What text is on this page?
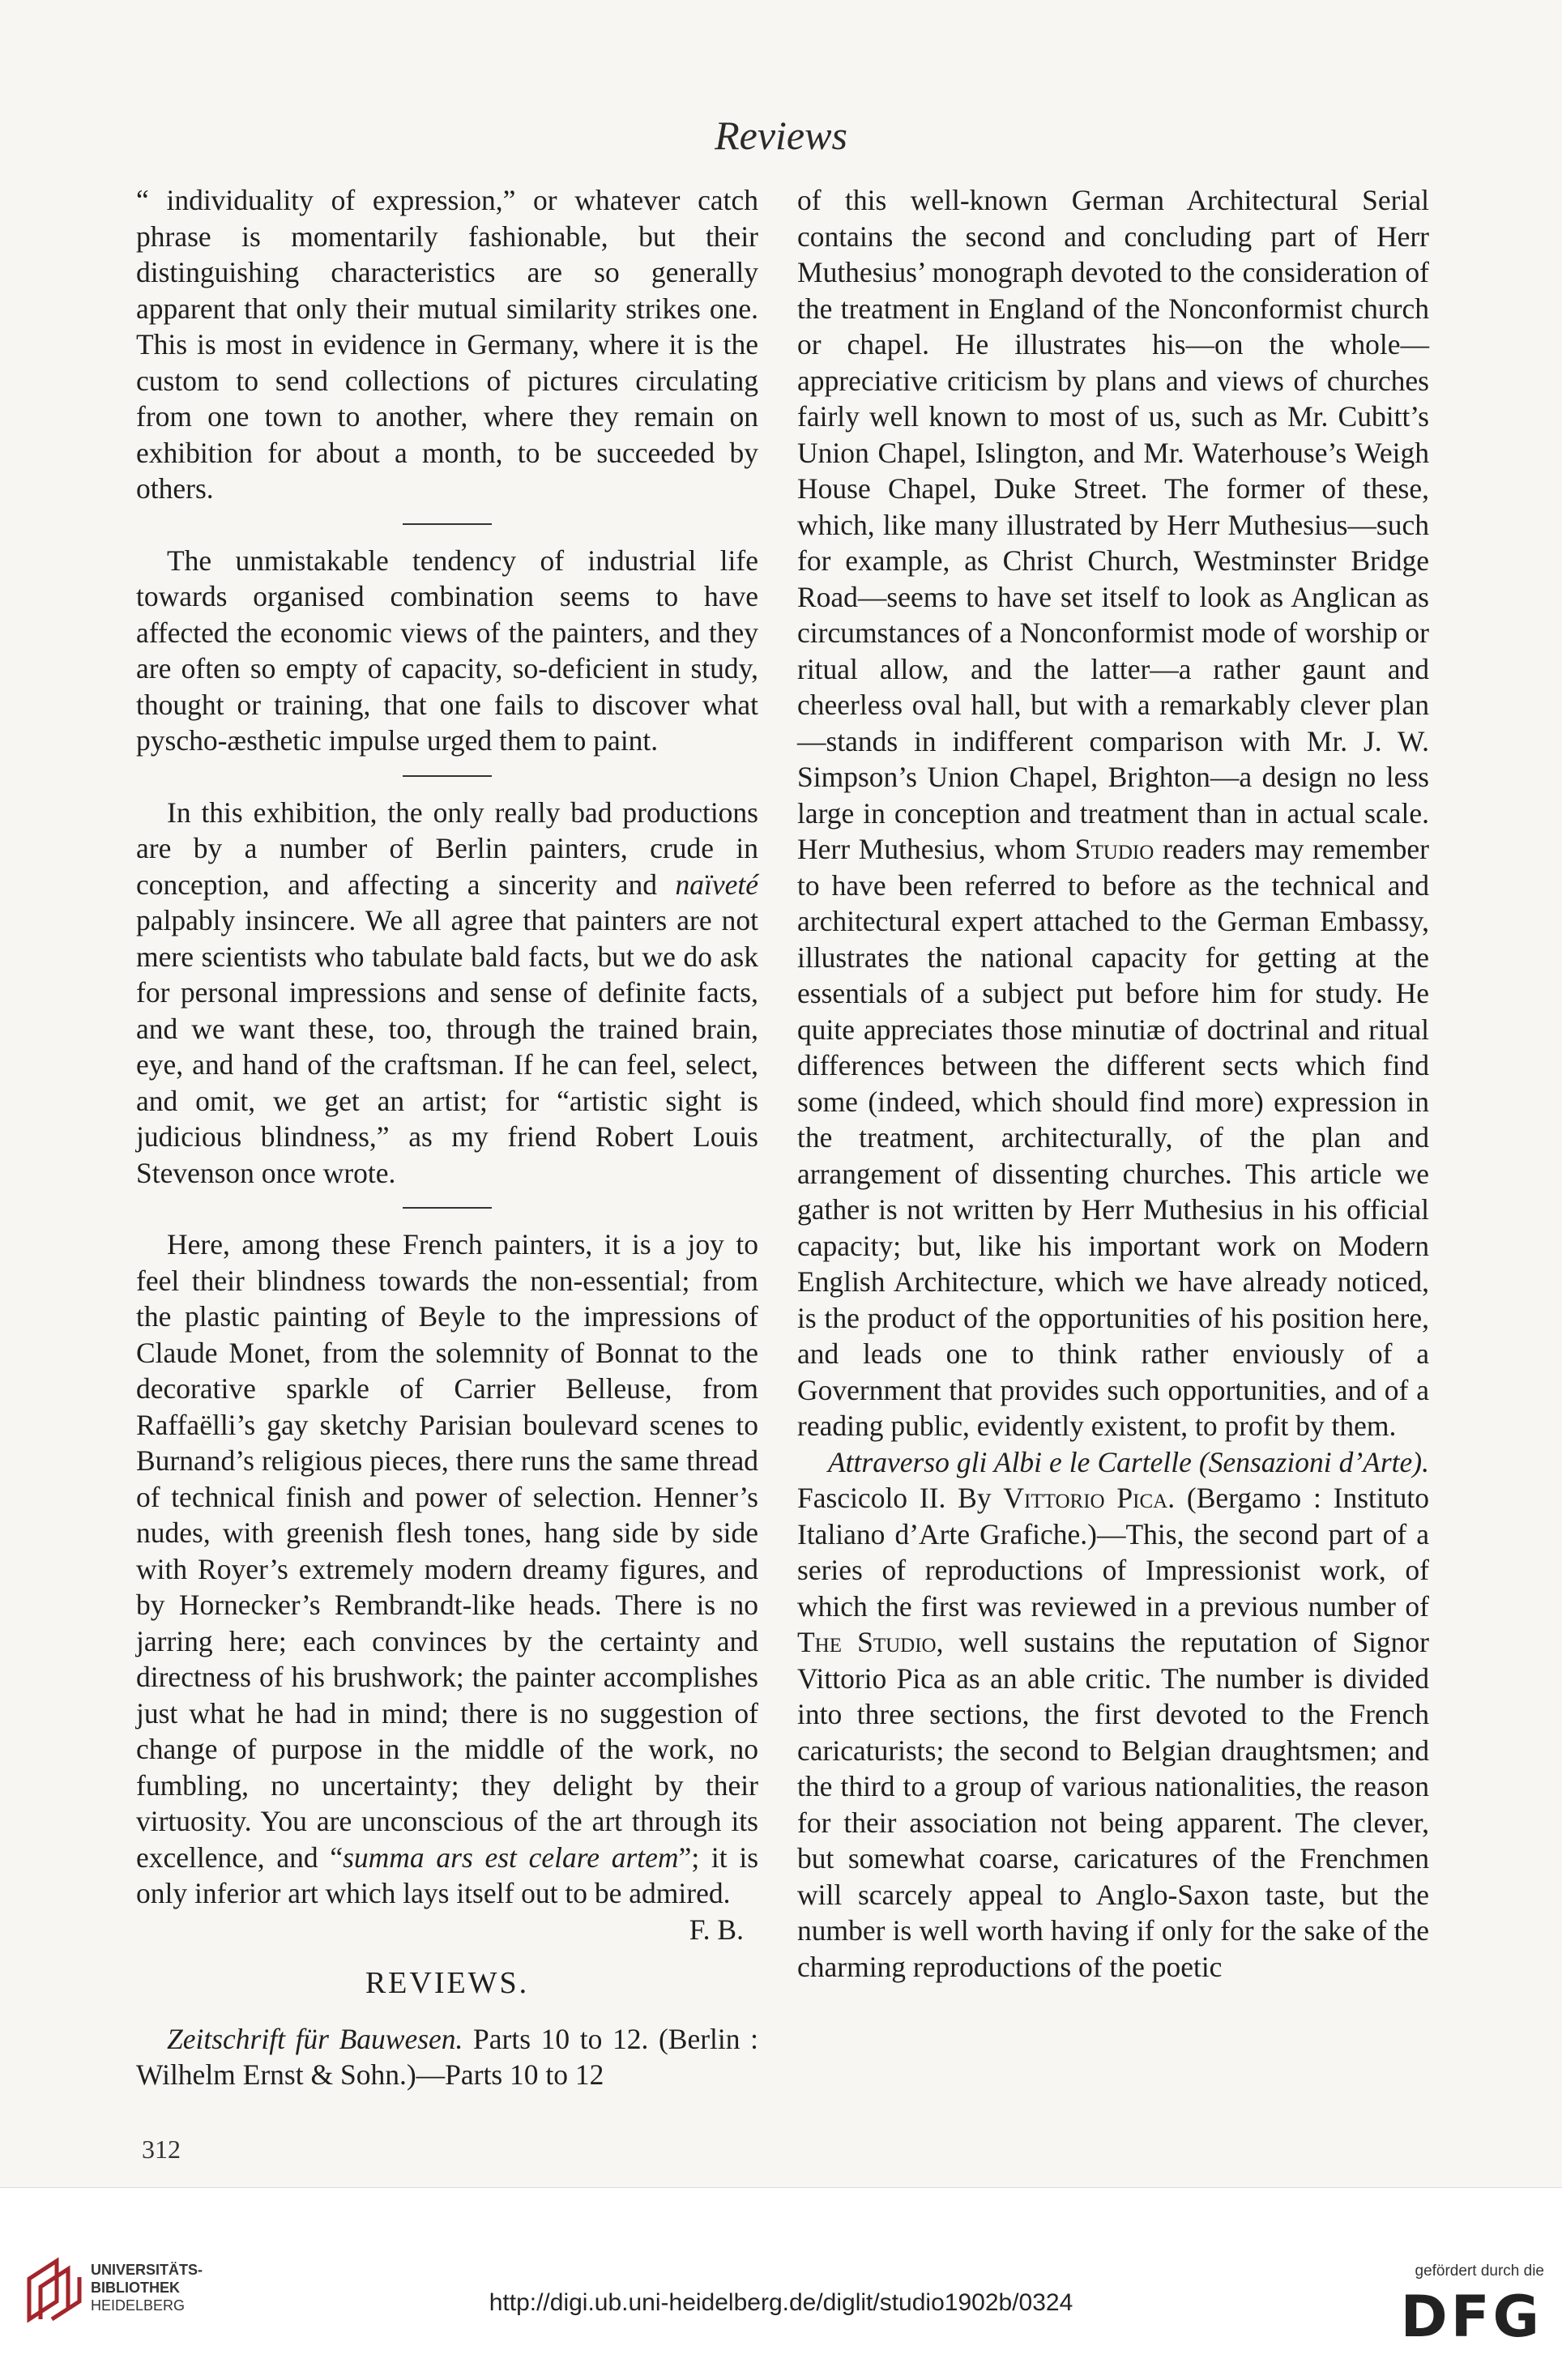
Reviews

“ individuality of expression,” or whatever catch phrase is momentarily fashionable, but their distinguishing characteristics are so generally apparent that only their mutual similarity strikes one. This is most in evidence in Germany, where it is the custom to send collections of pictures circulating from one town to another, where they remain on exhibition for about a month, to be succeeded by others.

The unmistakable tendency of industrial life towards organised combination seems to have affected the economic views of the painters, and they are often so empty of capacity, so-deficient in study, thought or training, that one fails to discover what pyscho-æsthetic impulse urged them to paint.

In this exhibition, the only really bad productions are by a number of Berlin painters, crude in conception, and affecting a sincerity and naïveté palpably insincere. We all agree that painters are not mere scientists who tabulate bald facts, but we do ask for personal impressions and sense of definite facts, and we want these, too, through the trained brain, eye, and hand of the craftsman. If he can feel, select, and omit, we get an artist; for “artistic sight is judicious blindness,” as my friend Robert Louis Stevenson once wrote.

Here, among these French painters, it is a joy to feel their blindness towards the non-essential; from the plastic painting of Beyle to the impressions of Claude Monet, from the solemnity of Bonnat to the decorative sparkle of Carrier Belleuse, from Raffaëlli’s gay sketchy Parisian boulevard scenes to Burnand’s religious pieces, there runs the same thread of technical finish and power of selection. Henner’s nudes, with greenish flesh tones, hang side by side with Royer’s extremely modern dreamy figures, and by Hornecker’s Rembrandt-like heads. There is no jarring here; each convinces by the certainty and directness of his brushwork; the painter accomplishes just what he had in mind; there is no suggestion of change of purpose in the middle of the work, no fumbling, no uncertainty; they delight by their virtuosity. You are unconscious of the art through its excellence, and “summa ars est celare artem”; it is only inferior art which lays itself out to be admired.

F. B.
REVIEWS.

Zeitschrift für Bauwesen. Parts 10 to 12. (Berlin : Wilhelm Ernst & Sohn.)—Parts 10 to 12

of this well-known German Architectural Serial contains the second and concluding part of Herr Muthesius’ monograph devoted to the consideration of the treatment in England of the Nonconformist church or chapel. He illustrates his—on the whole—appreciative criticism by plans and views of churches fairly well known to most of us, such as Mr. Cubitt’s Union Chapel, Islington, and Mr. Waterhouse’s Weigh House Chapel, Duke Street. The former of these, which, like many illustrated by Herr Muthesius—such for example, as Christ Church, Westminster Bridge Road—seems to have set itself to look as Anglican as circumstances of a Nonconformist mode of worship or ritual allow, and the latter—a rather gaunt and cheerless oval hall, but with a remarkably clever plan—stands in indifferent comparison with Mr. J. W. Simpson’s Union Chapel, Brighton—a design no less large in conception and treatment than in actual scale. Herr Muthesius, whom Studio readers may remember to have been referred to before as the technical and architectural expert attached to the German Embassy, illustrates the national capacity for getting at the essentials of a subject put before him for study. He quite appreciates those minutiæ of doctrinal and ritual differences between the different sects which find some (indeed, which should find more) expression in the treatment, architecturally, of the plan and arrangement of dissenting churches. This article we gather is not written by Herr Muthesius in his official capacity; but, like his important work on Modern English Architecture, which we have already noticed, is the product of the opportunities of his position here, and leads one to think rather enviously of a Government that provides such opportunities, and of a reading public, evidently existent, to profit by them.

Attraverso gli Albi e le Cartelle (Sensazioni d’Arte). Fascicolo II. By Vittorio Pica. (Bergamo : Instituto Italiano d’Arte Grafiche.)—This, the second part of a series of reproductions of Impressionist work, of which the first was reviewed in a previous number of The Studio, well sustains the reputation of Signor Vittorio Pica as an able critic. The number is divided into three sections, the first devoted to the French caricaturists; the second to Belgian draughtsmen; and the third to a group of various nationalities, the reason for their association not being apparent. The clever, but somewhat coarse, caricatures of the Frenchmen will scarcely appeal to Anglo-Saxon taste, but the number is well worth having if only for the sake of the charming reproductions of the poetic

312
UNIVERSITÄTS-
BIBLIOTHEK
HEIDELBERG	http://digi.ub.uni-heidelberg.de/diglit/studio1902b/0324
gefördert durch die
DFG
